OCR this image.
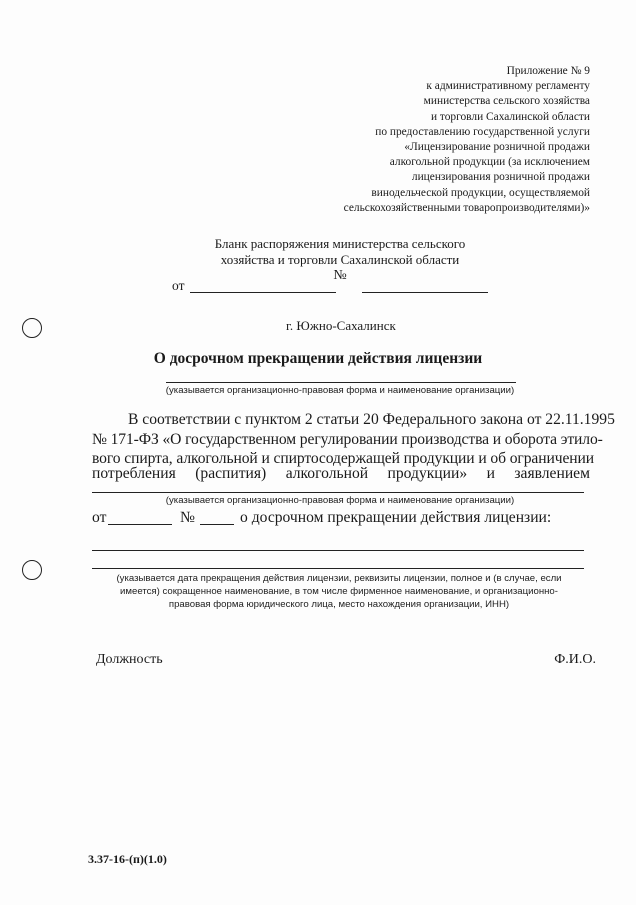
Приложение № 9
к административному регламенту
министерства сельского хозяйства
и торговли Сахалинской области
по предоставлению государственной услуги
«Лицензирование розничной продажи
алкогольной продукции (за исключением
лицензирования розничной продажи
винодельческой продукции, осуществляемой
сельскохозяйственными товаропроизводителями)»
Бланк распоряжения министерства сельского
хозяйства и торговли Сахалинской области
№
от
г. Южно-Сахалинск
О досрочном прекращении действия лицензии
(указывается организационно-правовая форма и наименование организации)
В соответствии с пунктом 2 статьи 20 Федерального закона от 22.11.1995
№ 171-ФЗ «О государственном регулировании производства и оборота этило-
вого спирта, алкогольной и спиртосодержащей продукции и об ограничении
потребления (распития) алкогольной продукции» и заявлением
(указывается организационно-правовая форма и наименование организации)
от	№	о досрочном прекращении действия лицензии:
(указывается дата прекращения действия лицензии, реквизиты лицензии, полное и (в случае, если
имеется) сокращенное наименование, в том числе фирменное наименование, и организационно-
правовая форма юридического лица, место нахождения организации, ИНН)
Должность	Ф.И.О.
3.37-16-(п)(1.0)
